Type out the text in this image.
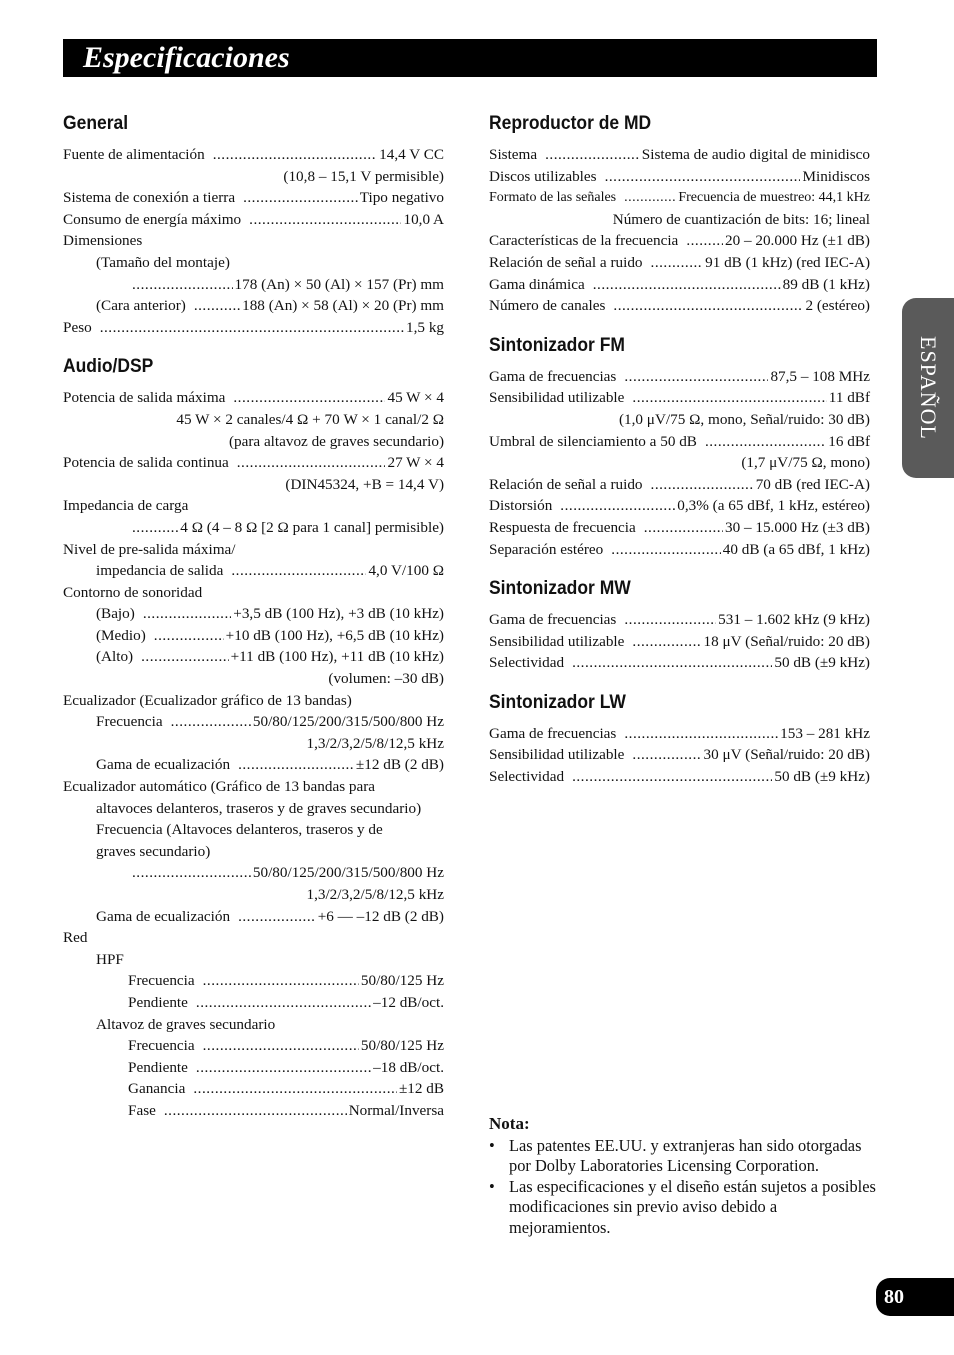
Especificaciones
General
Fuente de alimentación .....	14,4 V CC
(10,8 – 15,1 V permisible)
Sistema de conexión a tierra .....	Tipo negativo
Consumo de energía máximo .....	10,0 A
Dimensiones
(Tamaño del montaje)
.....
178 (An) × 50 (Al) × 157 (Pr) mm
(Cara anterior) .....	188 (An) × 58 (Al) × 20 (Pr) mm
Peso .....	1,5 kg
Audio/DSP
Potencia de salida máxima .....	45 W × 4
45 W × 2 canales/4 Ω + 70 W × 1 canal/2 Ω
(para altavoz de graves secundario)
Potencia de salida continua .....	27 W × 4
(DIN45324, +B = 14,4 V)
Impedancia de carga
.....
4 Ω (4 – 8 Ω [2 Ω para 1 canal] permisible)
Nivel de pre-salida máxima/
impedancia de salida .....	4,0 V/100 Ω
Contorno de sonoridad
(Bajo) .....	+3,5 dB (100 Hz), +3 dB (10 kHz)
(Medio) .....	+10 dB (100 Hz), +6,5 dB (10 kHz)
(Alto) .....	+11 dB (100 Hz), +11 dB (10 kHz)
(volumen: –30 dB)
Ecualizador (Ecualizador gráfico de 13 bandas)
Frecuencia .....	50/80/125/200/315/500/800 Hz
1,3/2/3,2/5/8/12,5 kHz
Gama de ecualización .....	±12 dB (2 dB)
Ecualizador automático (Gráfico de 13 bandas para
altavoces delanteros, traseros y de graves secundario)
Frecuencia (Altavoces delanteros, traseros y de
graves secundario)
.....
50/80/125/200/315/500/800 Hz
1,3/2/3,2/5/8/12,5 kHz
Gama de ecualización .....	+6 — –12 dB (2 dB)
Red
HPF
Frecuencia .....	50/80/125 Hz
Pendiente .....	–12 dB/oct.
Altavoz de graves secundario
Frecuencia .....	50/80/125 Hz
Pendiente .....	–18 dB/oct.
Ganancia .....	±12 dB
Fase .....	Normal/Inversa
Reproductor de MD
Sistema .....	Sistema de audio digital de minidisco
Discos utilizables .....	Minidiscos
Formato de las señales .....	Frecuencia de muestreo: 44,1 kHz
Número de cuantización de bits: 16; lineal
Características de la frecuencia .....	20 – 20.000 Hz (±1 dB)
Relación de señal a ruido .....	91 dB (1 kHz) (red IEC-A)
Gama dinámica .....	89 dB (1 kHz)
Número de canales .....	2 (estéreo)
Sintonizador FM
Gama de frecuencias .....	87,5 – 108 MHz
Sensibilidad utilizable .....	11 dBf
(1,0 μV/75 Ω, mono, Señal/ruido: 30 dB)
Umbral de silenciamiento a 50 dB .....	16 dBf
(1,7 μV/75 Ω, mono)
Relación de señal a ruido .....	70 dB (red IEC-A)
Distorsión .....	0,3% (a 65 dBf, 1 kHz, estéreo)
Respuesta de frecuencia .....	30 – 15.000 Hz (±3 dB)
Separación estéreo .....	40 dB (a 65 dBf, 1 kHz)
Sintonizador MW
Gama de frecuencias .....	531 – 1.602 kHz (9 kHz)
Sensibilidad utilizable .....	18 μV (Señal/ruido: 20 dB)
Selectividad .....	50 dB (±9 kHz)
Sintonizador LW
Gama de frecuencias .....	153 – 281 kHz
Sensibilidad utilizable .....	30 μV (Señal/ruido: 20 dB)
Selectividad .....	50 dB (±9 kHz)
ESPAÑOL
Nota:
• Las patentes EE.UU. y extranjeras han sido otorgadas por Dolby Laboratories Licensing Corporation.
• Las especificaciones y el diseño están sujetos a posibles modificaciones sin previo aviso debido a mejoramientos.
80
